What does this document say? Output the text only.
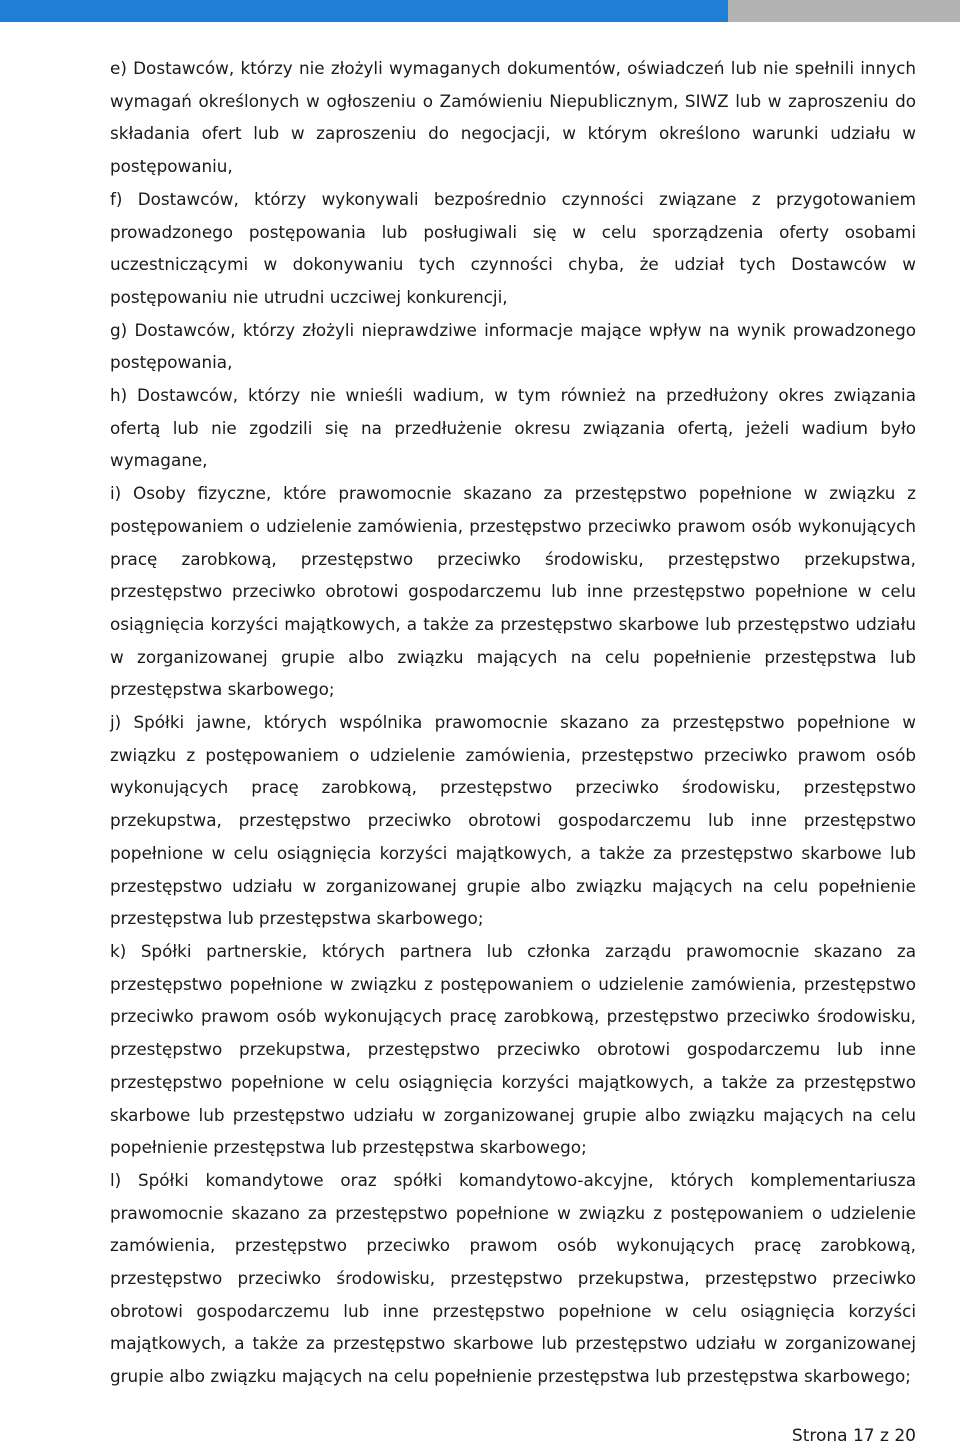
e) Dostawców, którzy nie złożyli wymaganych dokumentów, oświadczeń lub nie spełnili innych wymagań określonych w ogłoszeniu o Zamówieniu Niepublicznym, SIWZ lub w zaproszeniu do składania ofert lub w zaproszeniu do negocjacji, w którym określono warunki udziału w postępowaniu,

f) Dostawców, którzy wykonywali bezpośrednio czynności związane z przygotowaniem prowadzonego postępowania lub posługiwali się w celu sporządzenia oferty osobami uczestniczącymi w dokonywaniu tych czynności chyba, że udział tych Dostawców w postępowaniu nie utrudni uczciwej konkurencji,

g) Dostawców, którzy złożyli nieprawdziwe informacje mające wpływ na wynik prowadzonego postępowania,

h) Dostawców, którzy nie wnieśli wadium, w tym również na przedłużony okres związania ofertą lub nie zgodzili się na przedłużenie okresu związania ofertą, jeżeli wadium było wymagane,

i) Osoby fizyczne, które prawomocnie skazano za przestępstwo popełnione w związku z postępowaniem o udzielenie zamówienia, przestępstwo przeciwko prawom osób wykonujących pracę zarobkową, przestępstwo przeciwko środowisku, przestępstwo przekupstwa, przestępstwo przeciwko obrotowi gospodarczemu lub inne przestępstwo popełnione w celu osiągnięcia korzyści majątkowych, a także za przestępstwo skarbowe lub przestępstwo udziału w zorganizowanej grupie albo związku mających na celu popełnienie przestępstwa lub przestępstwa skarbowego;

j) Spółki jawne, których wspólnika prawomocnie skazano za przestępstwo popełnione w związku z postępowaniem o udzielenie zamówienia, przestępstwo przeciwko prawom osób wykonujących pracę zarobkową, przestępstwo przeciwko środowisku, przestępstwo przekupstwa, przestępstwo przeciwko obrotowi gospodarczemu lub inne przestępstwo popełnione w celu osiągnięcia korzyści majątkowych, a także za przestępstwo skarbowe lub przestępstwo udziału w zorganizowanej grupie albo związku mających na celu popełnienie przestępstwa lub przestępstwa skarbowego;

k) Spółki partnerskie, których partnera lub członka zarządu prawomocnie skazano za przestępstwo popełnione w związku z postępowaniem o udzielenie zamówienia, przestępstwo przeciwko prawom osób wykonujących pracę zarobkową, przestępstwo przeciwko środowisku, przestępstwo przekupstwa, przestępstwo przeciwko obrotowi gospodarczemu lub inne przestępstwo popełnione w celu osiągnięcia korzyści majątkowych, a także za przestępstwo skarbowe lub przestępstwo udziału w zorganizowanej grupie albo związku mających na celu popełnienie przestępstwa lub przestępstwa skarbowego;

l) Spółki komandytowe oraz spółki komandytowo-akcyjne, których komplementariusza prawomocnie skazano za przestępstwo popełnione w związku z postępowaniem o udzielenie zamówienia, przestępstwo przeciwko prawom osób wykonujących pracę zarobkową, przestępstwo przeciwko środowisku, przestępstwo przekupstwa, przestępstwo przeciwko obrotowi gospodarczemu lub inne przestępstwo popełnione w celu osiągnięcia korzyści majątkowych, a także za przestępstwo skarbowe lub przestępstwo udziału w zorganizowanej grupie albo związku mających na celu popełnienie przestępstwa lub przestępstwa skarbowego;

Strona 17 z 20
